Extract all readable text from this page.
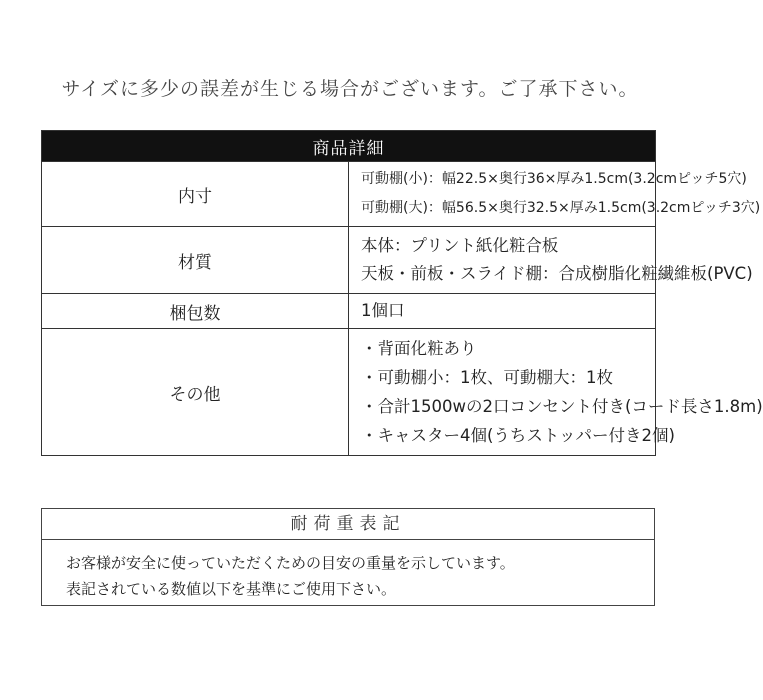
サイズに多少の誤差が生じる場合がございます。ご了承下さい。
商品詳細	
内寸	可動棚(小)：幅22.5×奥行36×厚み1.5cm(3.2cmピッチ5穴)
可動棚(大)：幅56.5×奥行32.5×厚み1.5cm(3.2cmピッチ3穴)

材質	本体：プリント紙化粧合板
天板・前板・スライド棚：合成樹脂化粧繊維板(PVC)

梱包数	1個口

その他	・背面化粧あり
・可動棚小：1枚、可動棚大：1枚
・合計1500wの2口コンセント付き(コード長さ1.8m)
・キャスター4個(うちストッパー付き2個)
耐荷重表記
お客様が安全に使っていただくための目安の重量を示しています。
表記されている数値以下を基準にご使用下さい。
